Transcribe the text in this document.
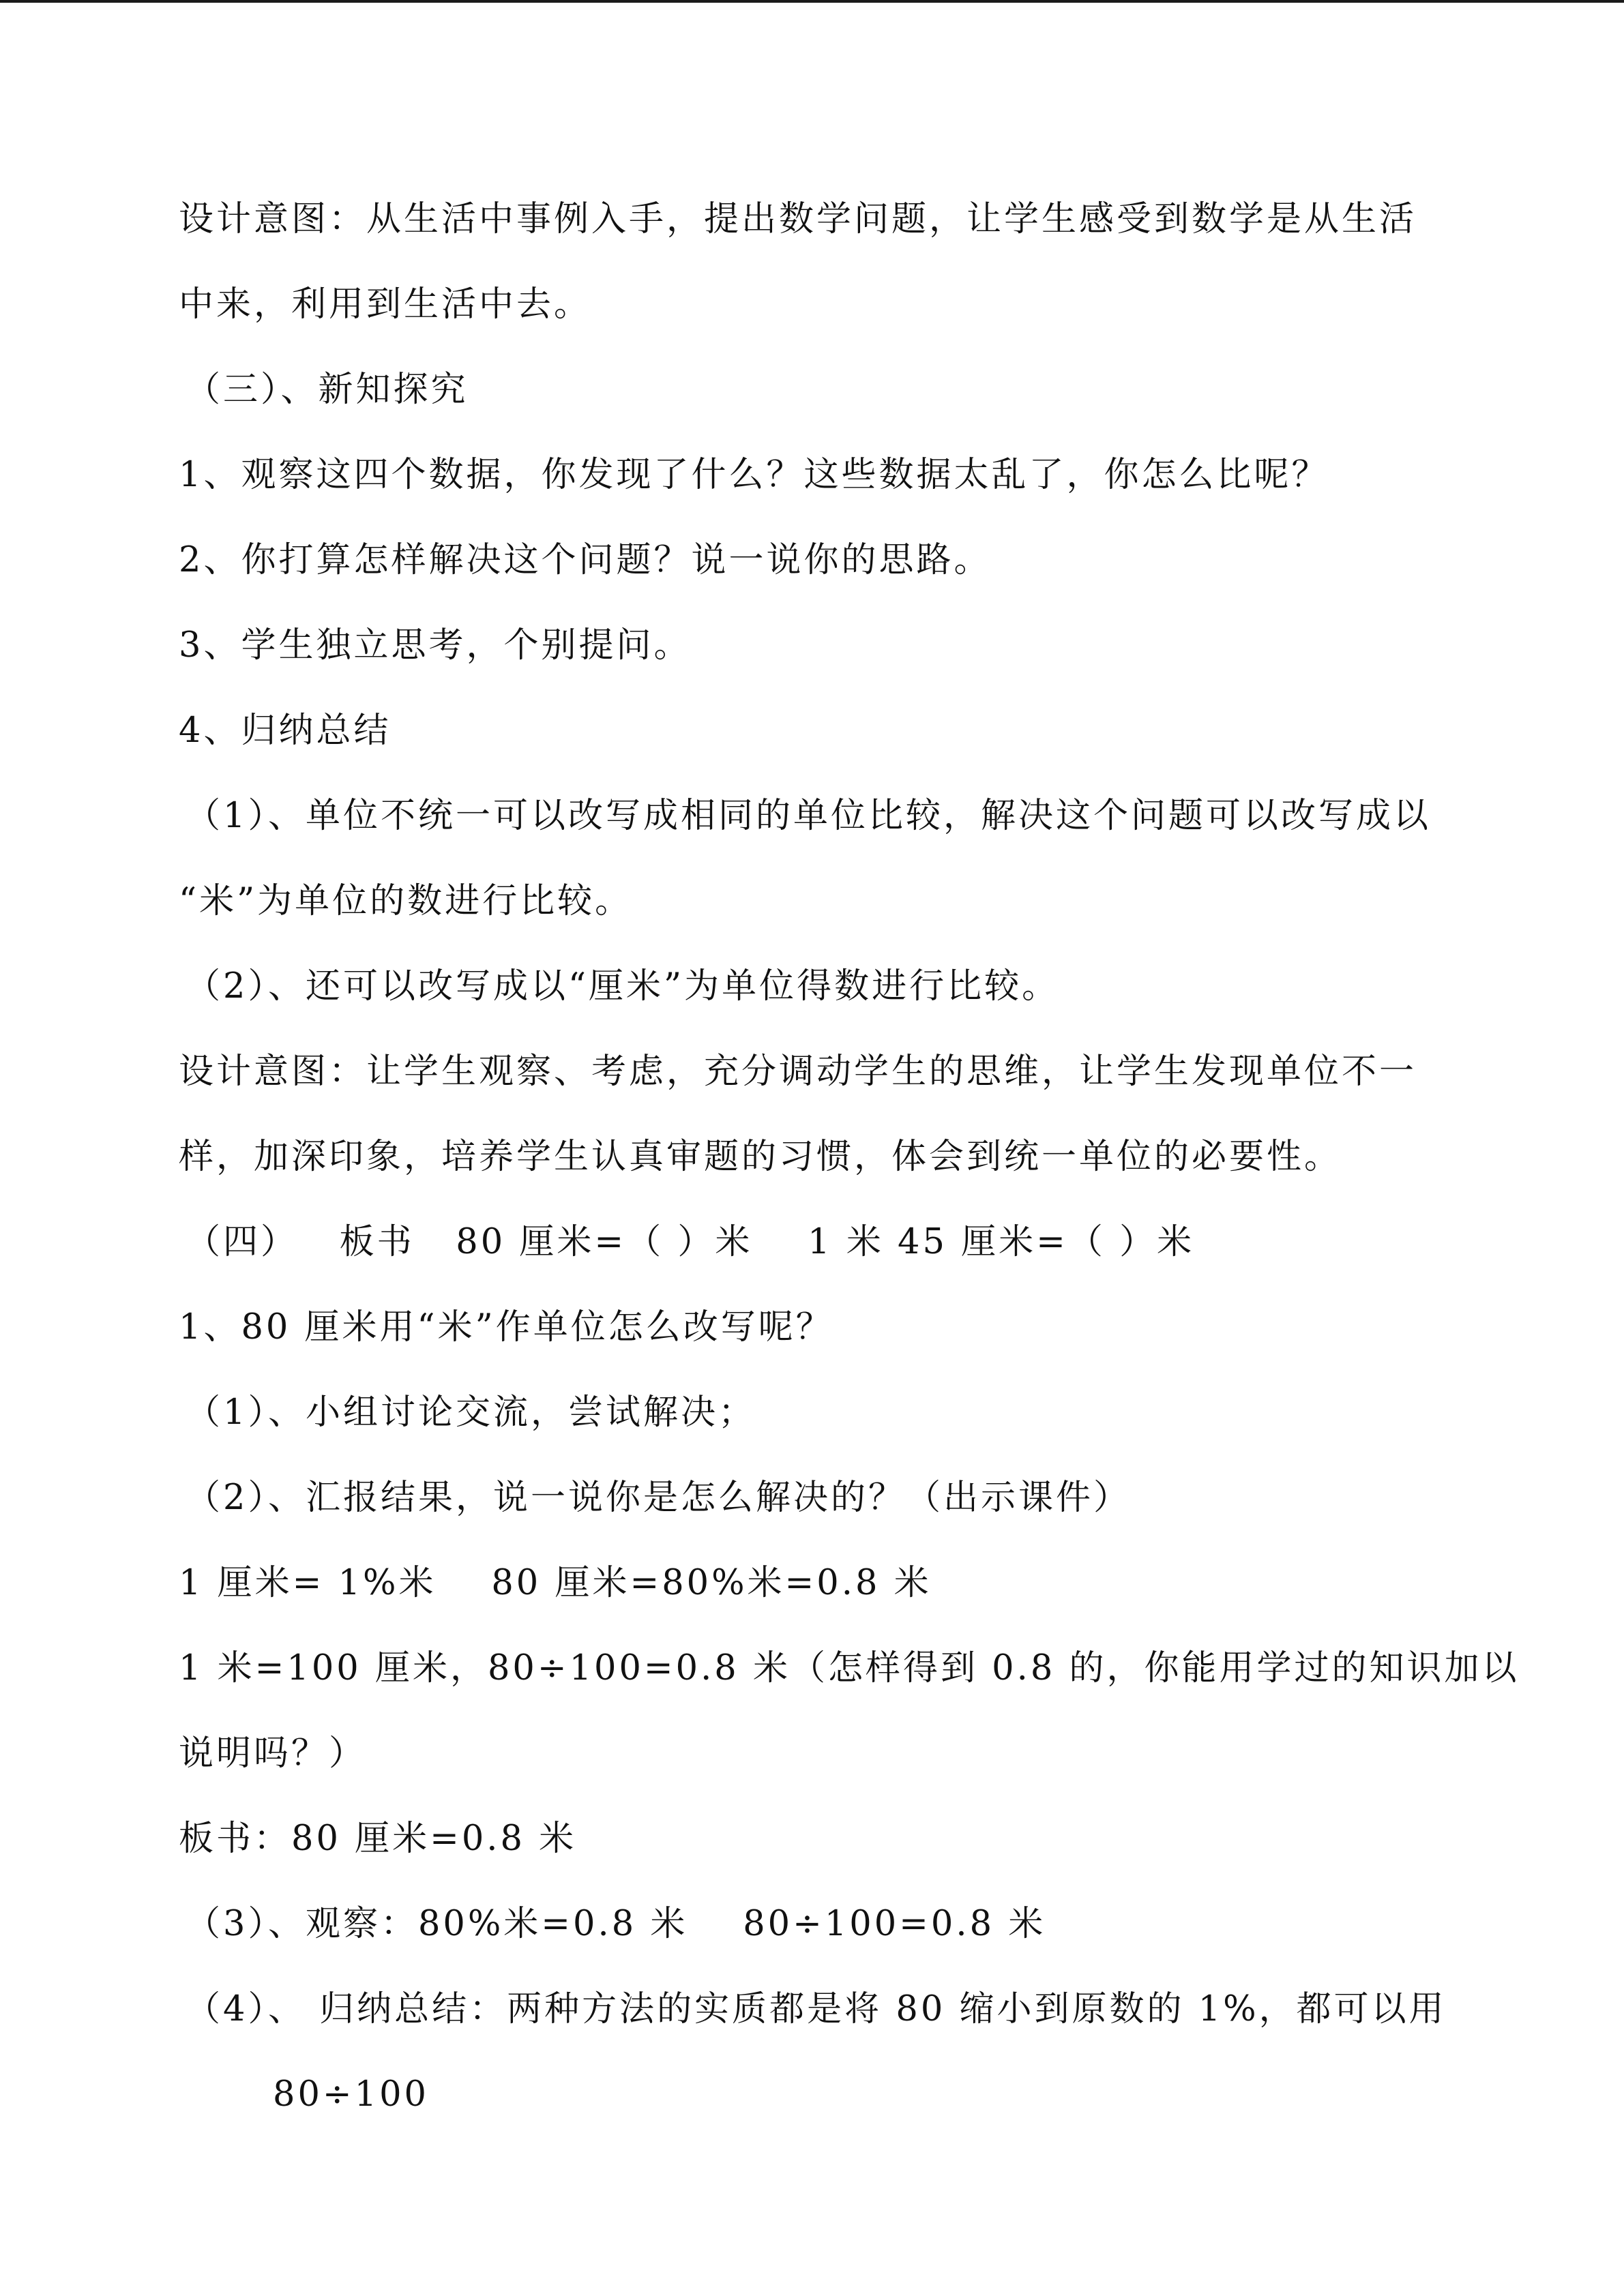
设计意图：从生活中事例入手，提出数学问题，让学生感受到数学是从生活
中来，利用到生活中去。
（三）、新知探究
1、观察这四个数据，你发现了什么？这些数据太乱了，你怎么比呢？
2、你打算怎样解决这个问题？说一说你的思路。
3、学生独立思考，个别提问。
4、归纳总结
（1）、单位不统一可以改写成相同的单位比较，解决这个问题可以改写成以
“米”为单位的数进行比较。
（2）、还可以改写成以“厘米”为单位得数进行比较。
设计意图：让学生观察、考虑，充分调动学生的思维，让学生发现单位不一
样，加深印象，培养学生认真审题的习惯，体会到统一单位的必要性。
（四）   板书   80 厘米=（ ）米    1 米 45 厘米=（ ）米
1、80 厘米用“米”作单位怎么改写呢？
（1）、小组讨论交流，尝试解决；
（2）、汇报结果，说一说你是怎么解决的？（出示课件）
1 厘米= 1%米    80 厘米=80%米=0.8 米
1 米=100 厘米，80÷100=0.8 米（怎样得到 0.8 的，你能用学过的知识加以
说明吗？）
板书：80 厘米=0.8 米
（3）、观察：80%米=0.8 米    80÷100=0.8 米
（4）、 归纳总结：两种方法的实质都是将 80 缩小到原数的 1%，都可以用
80÷100
